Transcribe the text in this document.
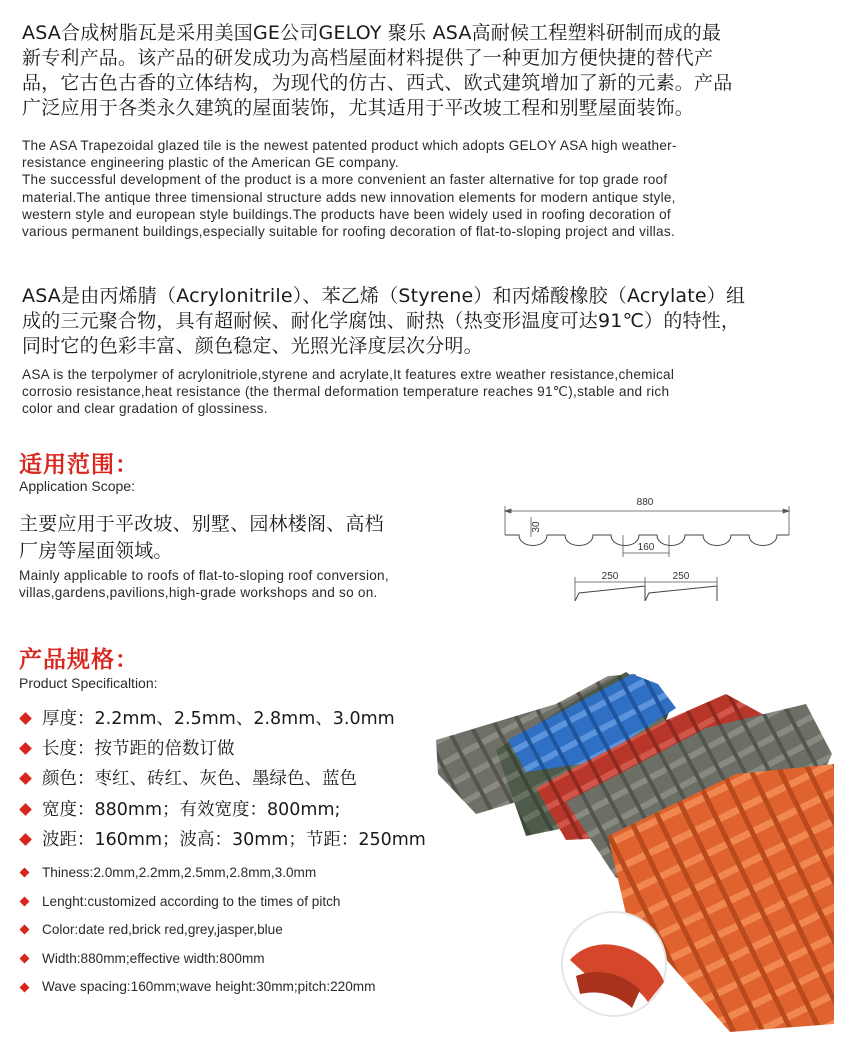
ASA合成树脂瓦是采用美国GE公司GELOY 聚乐 ASA高耐候工程塑料研制而成的最
新专利产品。该产品的研发成功为高档屋面材料提供了一种更加方便快捷的替代产
品，它古色古香的立体结构，为现代的仿古、西式、欧式建筑增加了新的元素。产品
广泛应用于各类永久建筑的屋面装饰，尤其适用于平改坡工程和别墅屋面装饰。
The ASA Trapezoidal glazed tile is the newest patented product which adopts GELOY ASA high weather-
resistance engineering plastic of the American GE company.
The successful development of the product is a more convenient an faster alternative for top grade roof
material.The antique three timensional structure adds new innovation elements for modern antique style,
western style and european style buildings.The products have been widely used in roofing decoration of
various permanent buildings,especially suitable for roofing decoration of flat-to-sloping project and villas.
ASA是由丙烯腈（Acrylonitrile）、苯乙烯（Styrene）和丙烯酸橡胶（Acrylate）组
成的三元聚合物，具有超耐候、耐化学腐蚀、耐热（热变形温度可达91℃）的特性，
同时它的色彩丰富、颜色稳定、光照光泽度层次分明。
ASA is the terpolymer of acrylonitriole,styrene and acrylate,It features extre weather resistance,chemical
corrosio resistance,heat resistance (the thermal deformation temperature reaches 91℃),stable and rich
color and clear gradation of glossiness.
适用范围：
Application Scope:
主要应用于平改坡、别墅、园林楼阁、高档
厂房等屋面领域。
Mainly applicable to roofs of flat-to-sloping roof conversion,
villas,gardens,pavilions,high-grade workshops and so on.
880
30
160
250	250
产品规格：
Product Specificaltion:
厚度：2.2mm、2.5mm、2.8mm、3.0mm
长度：按节距的倍数订做
颜色：枣红、砖红、灰色、墨绿色、蓝色
宽度：880mm；有效宽度：800mm;
波距：160mm；波高：30mm；节距：250mm
Thiness:2.0mm,2.2mm,2.5mm,2.8mm,3.0mm
Lenght:customized according to the times of pitch
Color:date red,brick red,grey,jasper,blue
Width:880mm;effective width:800mm
Wave spacing:160mm;wave height:30mm;pitch:220mm
